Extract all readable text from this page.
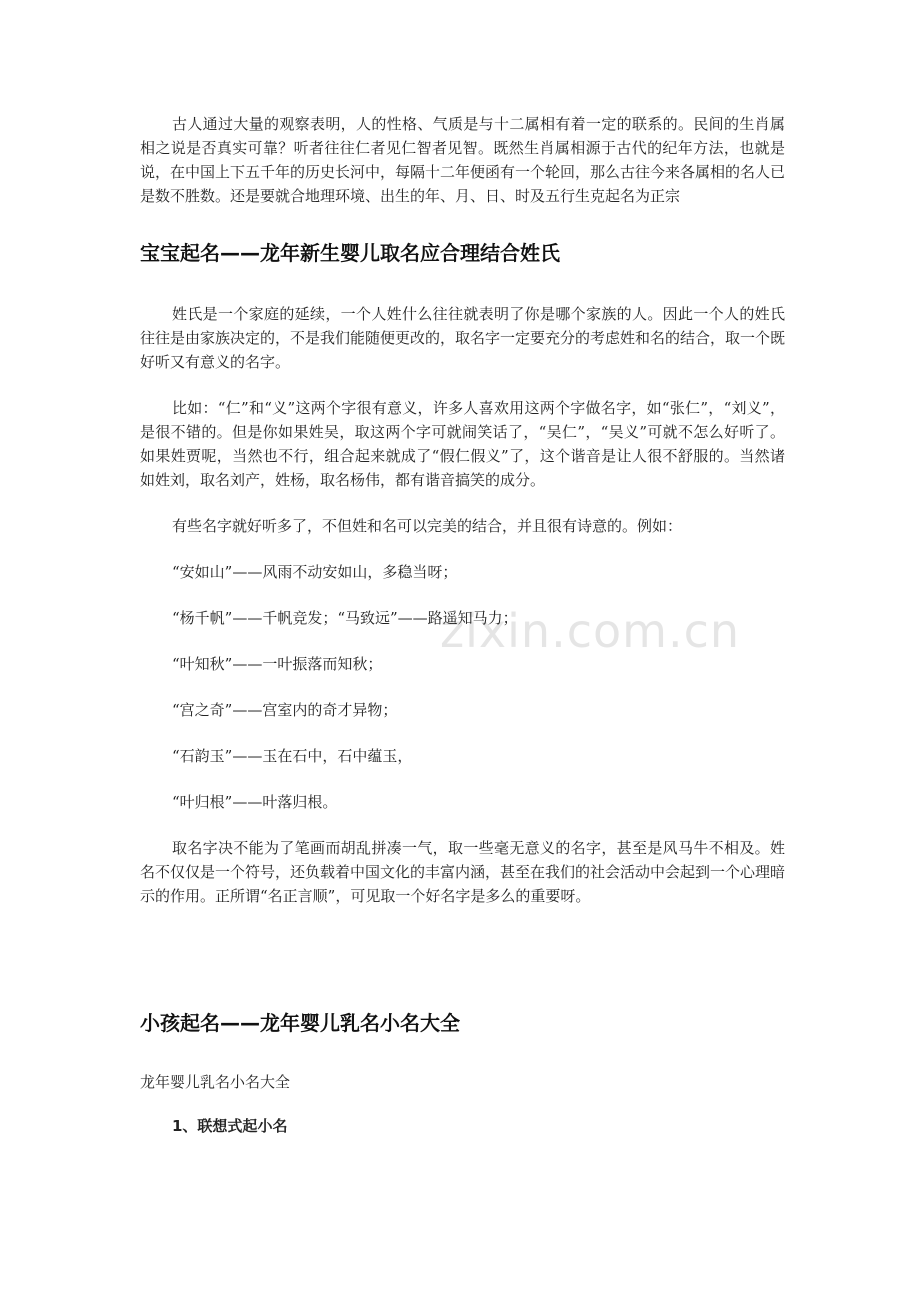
zixin.com.cn

古人通过大量的观察表明，人的性格、气质是与十二属相有着一定的联系的。民间的生肖属相之说是否真实可靠？听者往往仁者见仁智者见智。既然生肖属相源于古代的纪年方法，也就是说，在中国上下五千年的历史长河中，每隔十二年便函有一个轮回，那么古往今来各属相的名人已是数不胜数。还是要就合地理环境、出生的年、月、日、时及五行生克起名为正宗

宝宝起名——龙年新生婴儿取名应合理结合姓氏

姓氏是一个家庭的延续，一个人姓什么往往就表明了你是哪个家族的人。因此一个人的姓氏往往是由家族决定的，不是我们能随便更改的，取名字一定要充分的考虑姓和名的结合，取一个既好听又有意义的名字。

比如：“仁”和“义”这两个字很有意义，许多人喜欢用这两个字做名字，如“张仁”，“刘义”，是很不错的。但是你如果姓吴，取这两个字可就闹笑话了，“吴仁”，“吴义”可就不怎么好听了。如果姓贾呢，当然也不行，组合起来就成了“假仁假义”了，这个谐音是让人很不舒服的。当然诸如姓刘，取名刘产，姓杨，取名杨伟，都有谐音搞笑的成分。

有些名字就好听多了，不但姓和名可以完美的结合，并且很有诗意的。例如：

“安如山”——风雨不动安如山，多稳当呀；

“杨千帆”——千帆竞发；“马致远”——路遥知马力；

“叶知秋”——一叶振落而知秋；

“宫之奇”——宫室内的奇才异物；

“石韵玉”——玉在石中，石中蕴玉，

“叶归根”——叶落归根。

取名字决不能为了笔画而胡乱拼凑一气，取一些毫无意义的名字，甚至是风马牛不相及。姓名不仅仅是一个符号，还负载着中国文化的丰富内涵，甚至在我们的社会活动中会起到一个心理暗示的作用。正所谓“名正言顺”，可见取一个好名字是多么的重要呀。

小孩起名——龙年婴儿乳名小名大全

龙年婴儿乳名小名大全

1、联想式起小名
